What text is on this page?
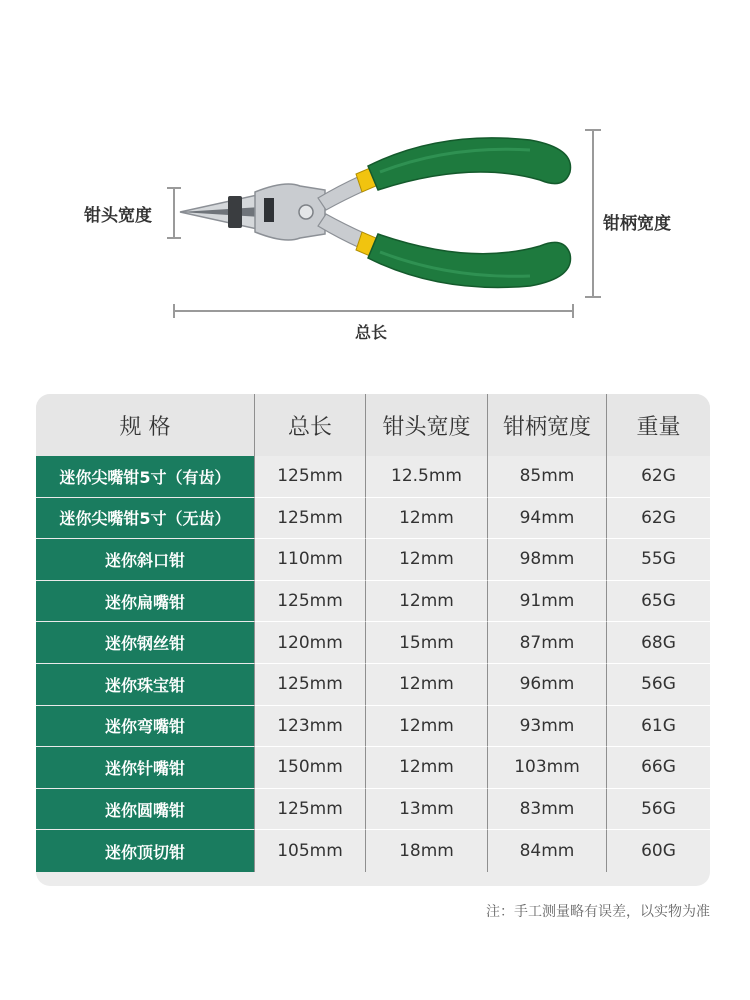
钳头宽度	钳柄宽度
总长
规 格	总长	钳头宽度	钳柄宽度	重量
迷你尖嘴钳5寸（有齿）	125mm	12.5mm	85mm	62G
迷你尖嘴钳5寸（无齿）	125mm	12mm	94mm	62G
迷你斜口钳	110mm	12mm	98mm	55G
迷你扁嘴钳	125mm	12mm	91mm	65G
迷你钢丝钳	120mm	15mm	87mm	68G
迷你珠宝钳	125mm	12mm	96mm	56G
迷你弯嘴钳	123mm	12mm	93mm	61G
迷你针嘴钳	150mm	12mm	103mm	66G
迷你圆嘴钳	125mm	13mm	83mm	56G
迷你顶切钳	105mm	18mm	84mm	60G
注：手工测量略有误差，以实物为准
